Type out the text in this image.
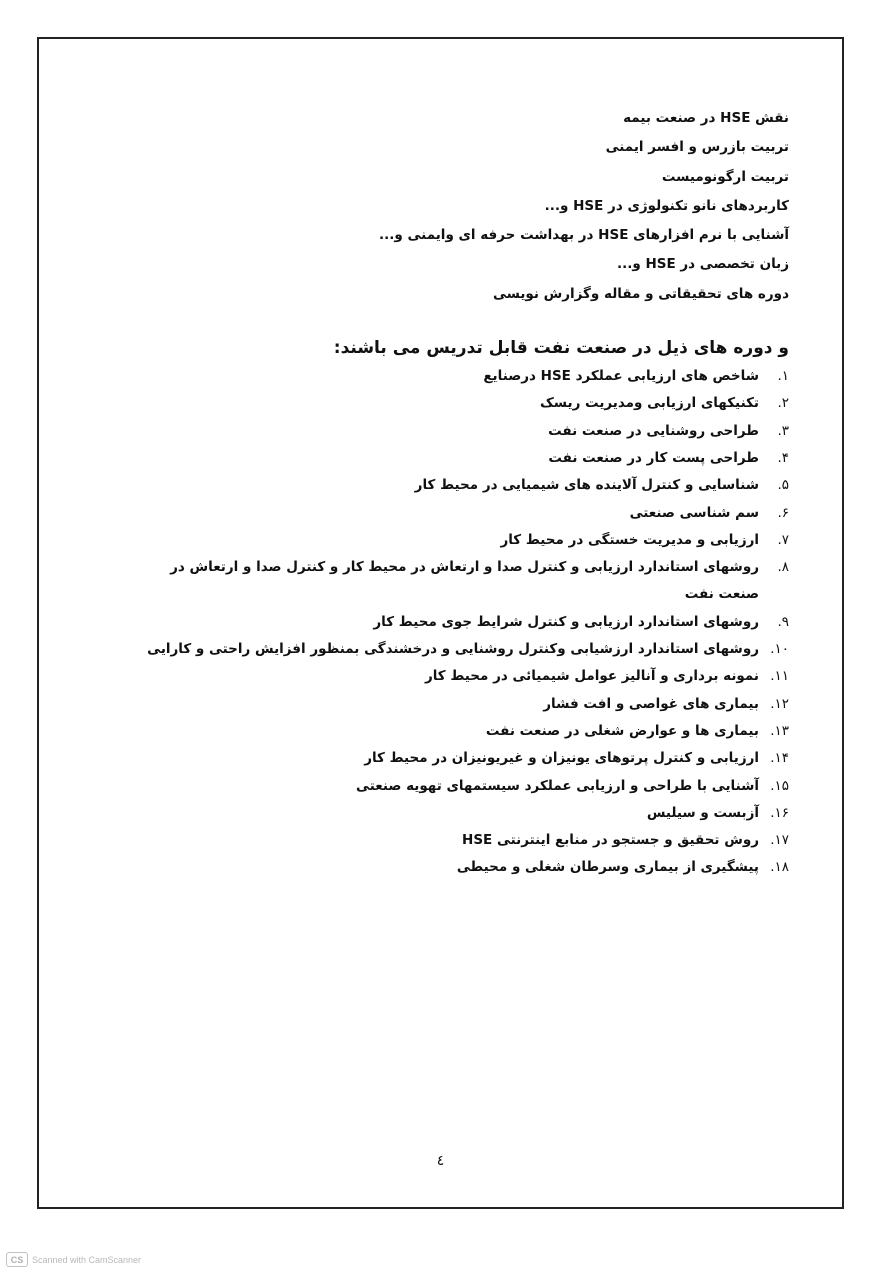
نقش HSE در صنعت بیمه
تربیت بازرس و افسر ایمنی
تربیت ارگونومیست
کاربردهای نانو تکنولوژی در HSE و...
آشنایی با نرم افزارهای HSE در بهداشت حرفه ای وایمنی و...
زبان تخصصی در HSE و...
دوره های تحقیقاتی و مقاله وگزارش نویسی
و دوره های ذیل در صنعت نفت قابل تدریس می باشند:
۱.
شاخص های ارزیابی عملکرد HSE درصنایع
۲.
تکنیکهای ارزیابی ومدیریت ریسک
۳.
طراحی روشنایی در صنعت نفت
۴.
طراحی پست کار در صنعت نفت
۵.
شناسایی و کنترل آلاینده های شیمیایی در محیط کار
۶.
سم شناسی صنعتی
۷.
ارزیابی و مدیریت خستگی در محیط کار
۸.
روشهای استاندارد ارزیابی و کنترل صدا و ارتعاش در محیط کار و کنترل صدا و ارتعاش در صنعت نفت
۹.
روشهای استاندارد ارزیابی و کنترل شرایط جوی محیط کار
۱۰.
روشهای استاندارد ارزشیابی وکنترل روشنایی و درخشندگی بمنظور افزایش راحتی و کارایی
۱۱.
نمونه برداری و آنالیز عوامل شیمیائی در محیط کار
۱۲.
بیماری های غواصی و افت فشار
۱۳.
بیماری ها و عوارض شغلی در صنعت نفت
۱۴.
ارزیابی و کنترل پرتوهای یونیزان و غیریونیزان در محیط کار
۱۵.
آشنایی با طراحی و ارزیابی عملکرد سیستمهای تهویه صنعتی
۱۶.
آزبست و سیلیس
۱۷.
روش تحقیق و جستجو در منابع اینترنتی HSE
۱۸.
پیشگیری از بیماری وسرطان شغلی و محیطی
٤
CS Scanned with CamScanner
